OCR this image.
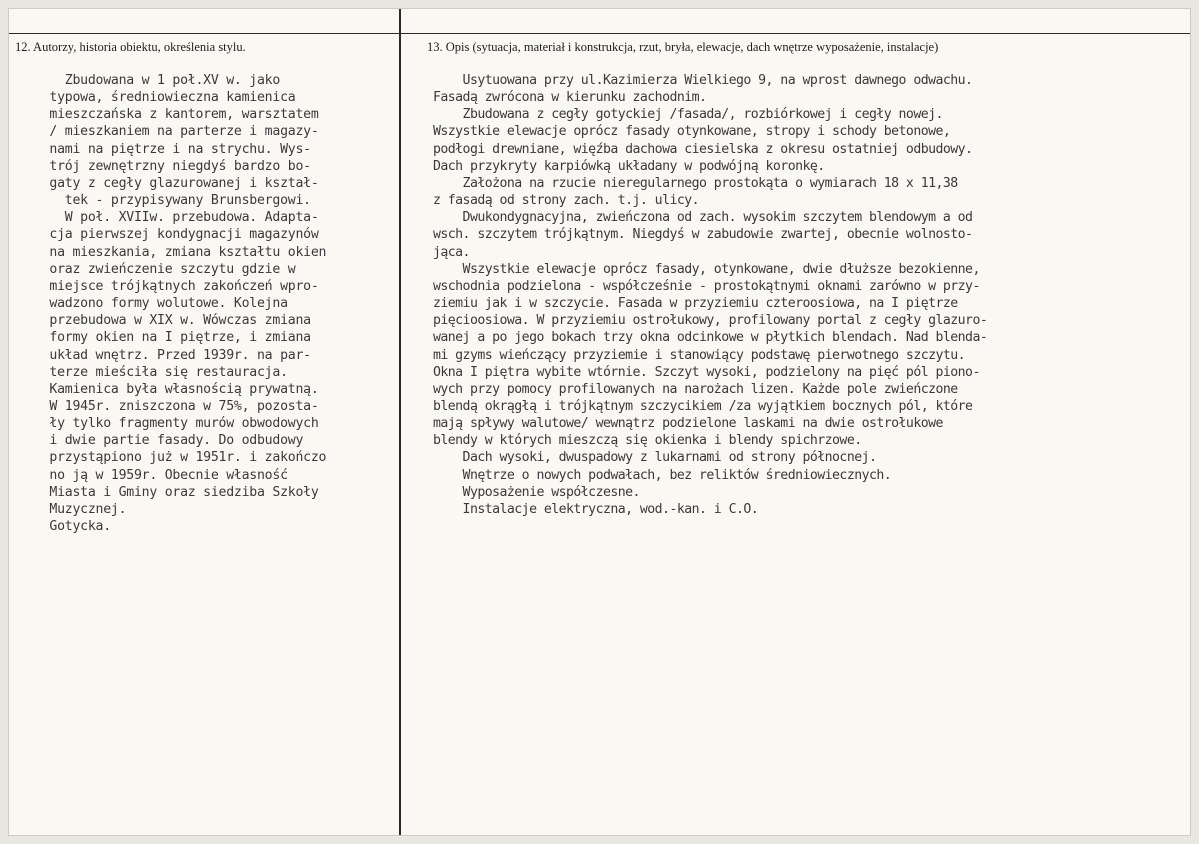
12. Autorzy, historia obiektu, określenia stylu.	13. Opis (sytuacja, materiał i konstrukcja, rzut, bryła, elewacje, dach wnętrze wyposażenie, instalacje)
Zbudowana w 1 poł.XV w. jako
typowa, średniowieczna kamienica
mieszczańska z kantorem, warsztatem
/ mieszkaniem na parterze i magazy-
nami na piętrze i na strychu. Wys-
trój zewnętrzny niegdyś bardzo bo-
gaty z cegły glazurowanej i kształ-
tek - przypisywany Brunsbergowi.
W poł. XVIIw. przebudowa. Adapta-
cja pierwszej kondygnacji magazynów
na mieszkania, zmiana kształtu okien
oraz zwieńczenie szczytu gdzie w
miejsce trójkątnych zakończeń wpro-
wadzono formy wolutowe. Kolejna
przebudowa w XIX w. Wówczas zmiana
formy okien na I piętrze, i zmiana
układ wnętrz. Przed 1939r. na par-
terze mieściła się restauracja.
Kamienica była własnością prywatną.
W 1945r. zniszczona w 75%, pozosta-
ły tylko fragmenty murów obwodowych
i dwie partie fasady. Do odbudowy
przystąpiono już w 1951r. i zakończo
no ją w 1959r. Obecnie własność
Miasta i Gminy oraz siedziba Szkoły
Muzycznej.
Gotycka.
Usytuowana przy ul.Kazimierza Wielkiego 9, na wprost dawnego odwachu.
Fasadą zwrócona w kierunku zachodnim.
Zbudowana z cegły gotyckiej /fasada/, rozbiórkowej i cegły nowej.
Wszystkie elewacje oprócz fasady otynkowane, stropy i schody betonowe,
podłogi drewniane, więźba dachowa ciesielska z okresu ostatniej odbudowy.
Dach przykryty karpiówką układany w podwójną koronkę.
Założona na rzucie nieregularnego prostokąta o wymiarach 18 x 11,38
z fasadą od strony zach. t.j. ulicy.
Dwukondygnacyjna, zwieńczona od zach. wysokim szczytem blendowym a od
wsch. szczytem trójkątnym. Niegdyś w zabudowie zwartej, obecnie wolnosto-
jąca.
Wszystkie elewacje oprócz fasady, otynkowane, dwie dłuższe bezokienne,
wschodnia podzielona - współcześnie - prostokątnymi oknami zarówno w przy-
ziemiu jak i w szczycie. Fasada w przyziemiu czteroosiowa, na I piętrze
pięcioosiowa. W przyziemiu ostrołukowy, profilowany portal z cegły glazuro-
wanej a po jego bokach trzy okna odcinkowe w płytkich blendach. Nad blenda-
mi gzyms wieńczący przyziemie i stanowiący podstawę pierwotnego szczytu.
Okna I piętra wybite wtórnie. Szczyt wysoki, podzielony na pięć pól piono-
wych przy pomocy profilowanych na narożach lizen. Każde pole zwieńczone
blendą okrągłą i trójkątnym szczycikiem /za wyjątkiem bocznych pól, które
mają spływy walutowe/ wewnątrz podzielone laskami na dwie ostrołukowe
blendy w których mieszczą się okienka i blendy spichrzowe.
Dach wysoki, dwuspadowy z lukarnami od strony północnej.
Wnętrze o nowych podwałach, bez reliktów średniowiecznych.
Wyposażenie współczesne.
Instalacje elektryczna, wod.-kan. i C.O.
